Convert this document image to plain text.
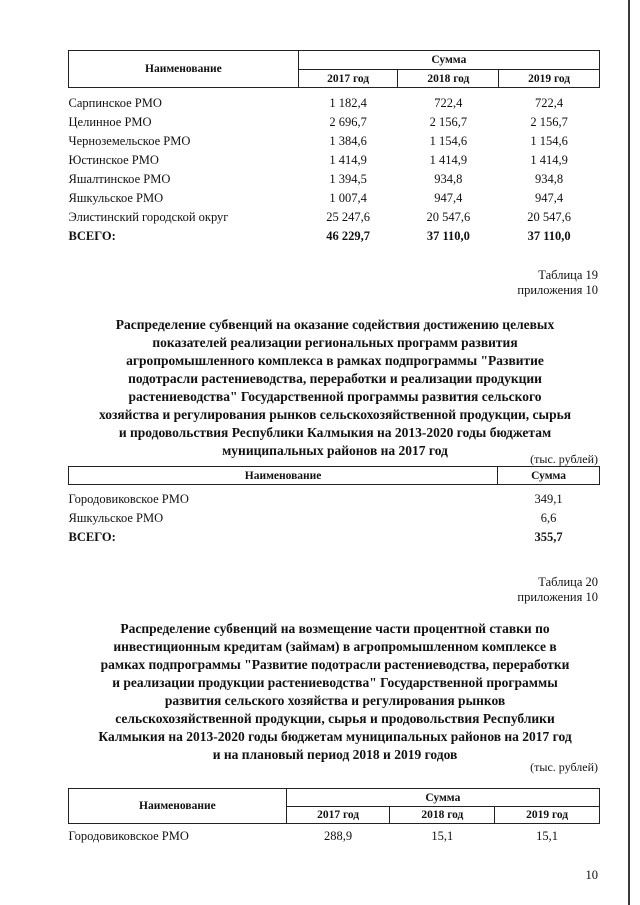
Наименование	Сумма		
	2017 год	2018 год	2019 год

Сарпинское РМО	1 182,4	722,4	722,4
Целинное РМО	2 696,7	2 156,7	2 156,7
Черноземельское РМО	1 384,6	1 154,6	1 154,6
Юстинское РМО	1 414,9	1 414,9	1 414,9
Яшалтинское РМО	1 394,5	934,8	934,8
Яшкульское РМО	1 007,4	947,4	947,4
Элистинский городской округ	25 247,6	20 547,6	20 547,6
ВСЕГО:	46 229,7	37 110,0	37 110,0
Таблица 19
приложения 10
Распределение субвенций на оказание содействия достижению целевых
показателей реализации региональных программ развития
агропромышленного комплекса в рамках подпрограммы "Развитие
подотрасли растениеводства, переработки и реализации продукции
растениеводства" Государственной программы развития сельского
хозяйства и регулирования рынков сельскохозяйственной продукции, сырья
и продовольствия Республики Калмыкия на 2013-2020 годы бюджетам
муниципальных районов на 2017 год
(тыс. рублей)
Наименование	Сумма

Городовиковское РМО	349,1
Яшкульское РМО	6,6
ВСЕГО:	355,7
Таблица 20
приложения 10
Распределение субвенций на возмещение части процентной ставки по
инвестиционным кредитам (займам) в агропромышленном комплексе в
рамках подпрограммы "Развитие подотрасли растениеводства, переработки
и реализации продукции растениеводства" Государственной программы
развития сельского хозяйства и регулирования рынков
сельскохозяйственной продукции, сырья и продовольствия Республики
Калмыкия на 2013-2020 годы бюджетам муниципальных районов на 2017 год
и на плановый период 2018 и 2019 годов
(тыс. рублей)
Наименование	Сумма		
	2017 год	2018 год	2019 год

Городовиковское РМО	288,9	15,1	15,1
10
